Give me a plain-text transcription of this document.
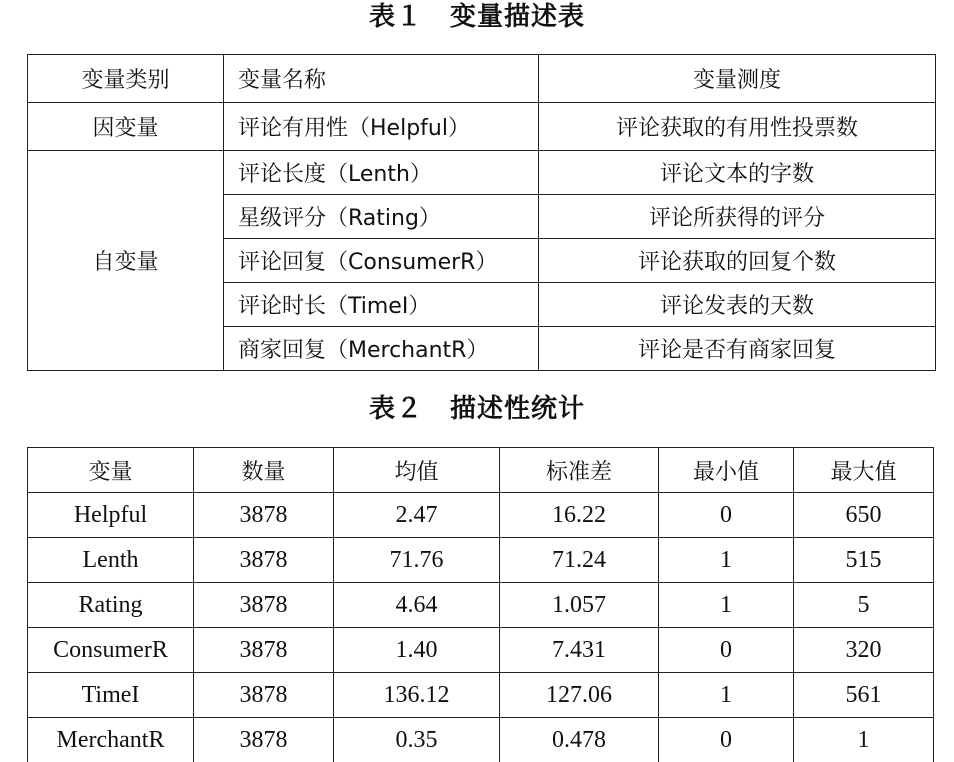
表１　变量描述表
变量类别	变量名称	变量测度
因变量	评论有用性（Helpful）	评论获取的有用性投票数
自变量	评论长度（Lenth）	评论文本的字数
	星级评分（Rating）	评论所获得的评分
	评论回复（ConsumerR）	评论获取的回复个数
	评论时长（TimeI）	评论发表的天数
	商家回复（MerchantR）	评论是否有商家回复
表２　描述性统计
变量	数量	均值	标准差	最小值	最大值
Helpful	3878	2.47	16.22	0	650
Lenth	3878	71.76	71.24	1	515
Rating	3878	4.64	1.057	1	5
ConsumerR	3878	1.40	7.431	0	320
TimeI	3878	136.12	127.06	1	561
MerchantR	3878	0.35	0.478	0	1
